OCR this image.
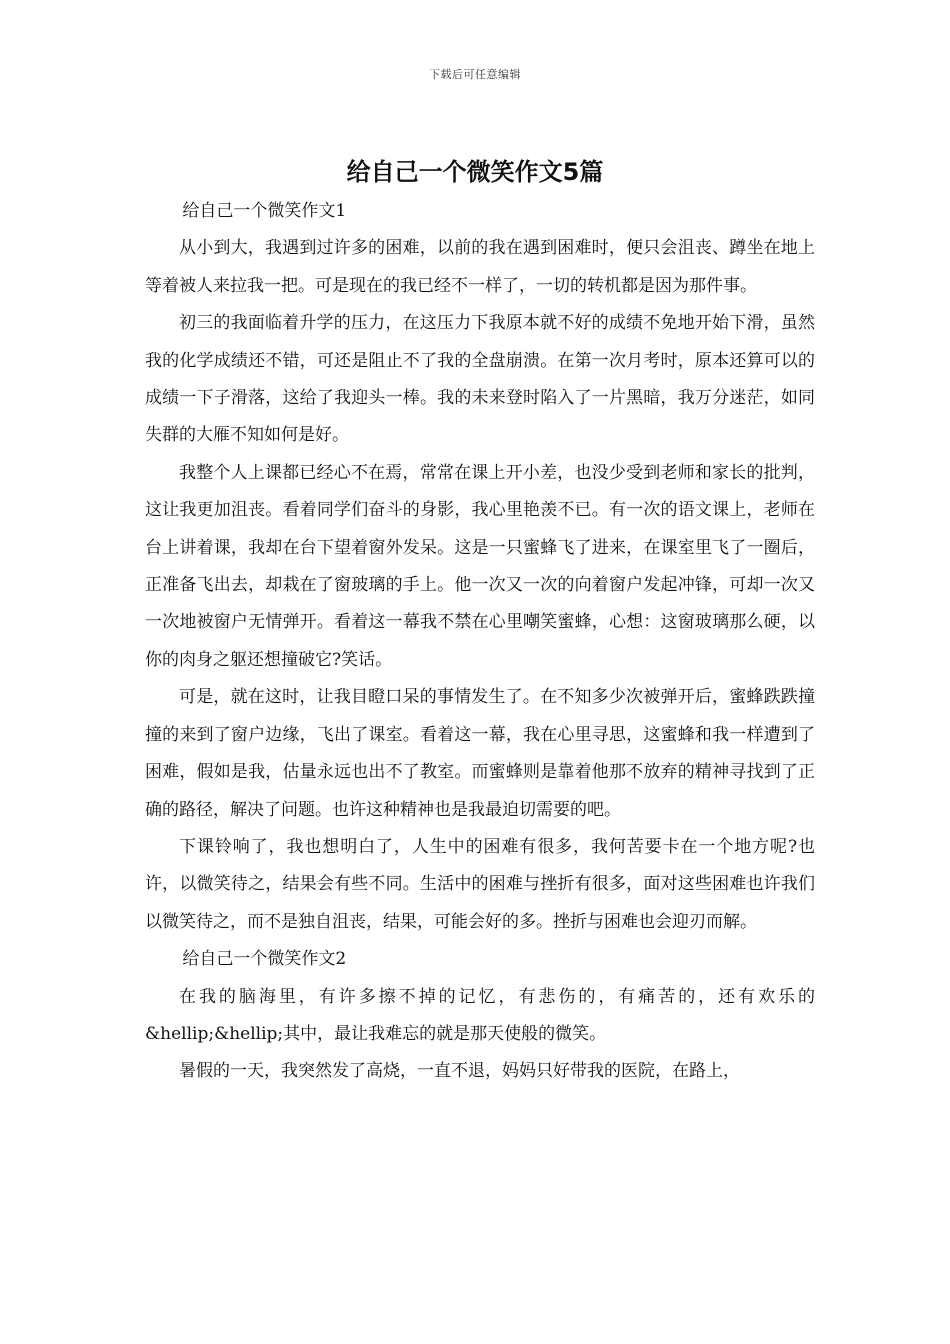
下载后可任意编辑
给自己一个微笑作文5篇

给自己一个微笑作文1

从小到大，我遇到过许多的困难，以前的我在遇到困难时，便只会沮丧、蹲坐在地上等着被人来拉我一把。可是现在的我已经不一样了，一切的转机都是因为那件事。

初三的我面临着升学的压力，在这压力下我原本就不好的成绩不免地开始下滑，虽然我的化学成绩还不错，可还是阻止不了我的全盘崩溃。在第一次月考时，原本还算可以的成绩一下子滑落，这给了我迎头一棒。我的未来登时陷入了一片黑暗，我万分迷茫，如同失群的大雁不知如何是好。

我整个人上课都已经心不在焉，常常在课上开小差，也没少受到老师和家长的批判，这让我更加沮丧。看着同学们奋斗的身影，我心里艳羡不已。有一次的语文课上，老师在台上讲着课，我却在台下望着窗外发呆。这是一只蜜蜂飞了进来，在课室里飞了一圈后，正准备飞出去，却栽在了窗玻璃的手上。他一次又一次的向着窗户发起冲锋，可却一次又一次地被窗户无情弹开。看着这一幕我不禁在心里嘲笑蜜蜂，心想：这窗玻璃那么硬，以你的肉身之躯还想撞破它?笑话。

可是，就在这时，让我目瞪口呆的事情发生了。在不知多少次被弹开后，蜜蜂跌跌撞撞的来到了窗户边缘，飞出了课室。看着这一幕，我在心里寻思，这蜜蜂和我一样遭到了困难，假如是我，估量永远也出不了教室。而蜜蜂则是靠着他那不放弃的精神寻找到了正确的路径，解决了问题。也许这种精神也是我最迫切需要的吧。

下课铃响了，我也想明白了，人生中的困难有很多，我何苦要卡在一个地方呢?也许，以微笑待之，结果会有些不同。生活中的困难与挫折有很多，面对这些困难也许我们以微笑待之，而不是独自沮丧，结果，可能会好的多。挫折与困难也会迎刃而解。

给自己一个微笑作文2

在我的脑海里，有许多擦不掉的记忆，有悲伤的，有痛苦的，还有欢乐的&hellip;&hellip;其中，最让我难忘的就是那天使般的微笑。

暑假的一天，我突然发了高烧，一直不退，妈妈只好带我的医院，在路上，
